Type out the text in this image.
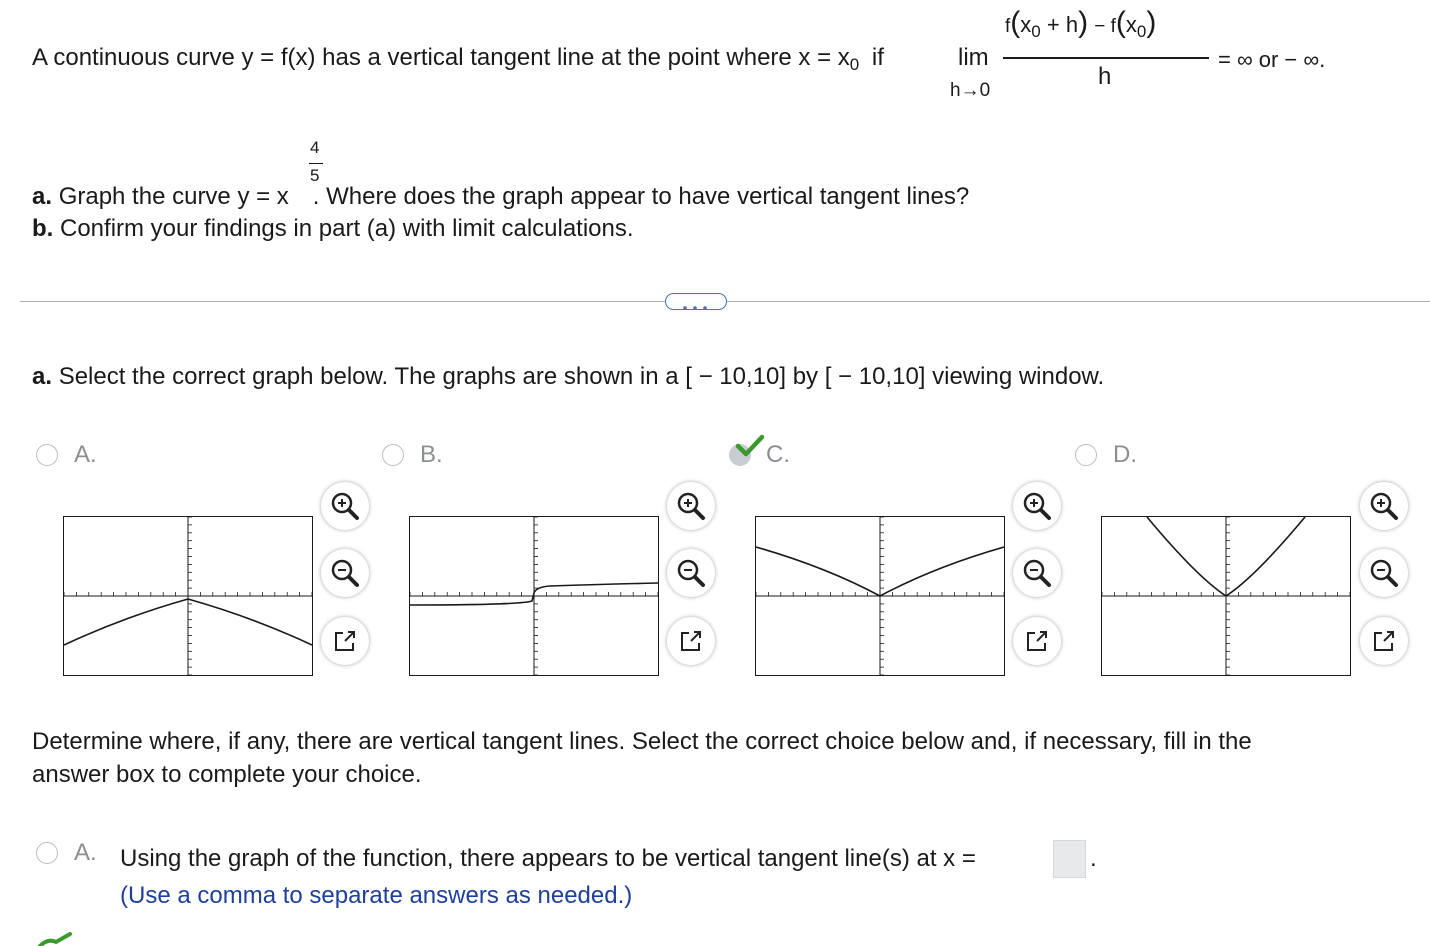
A continuous curve y = f(x) has a vertical tangent line at the point where $x = x_0$ if	lim
h→0
$f(x_0 + h) - f(x_0)$
h
= ∞ or − ∞.
4
5
a. Graph the curve y = x . Where does the graph appear to have vertical tangent lines?
b. Confirm your findings in part (a) with limit calculations.
a. Select the correct graph below. The graphs are shown in a [ − 10,10] by [ − 10,10] viewing window.
A.	B.	C.	D.
Determine where, if any, there are vertical tangent lines. Select the correct choice below and, if necessary, fill in the
answer box to complete your choice.
A. Using the graph of the function, there appears to be vertical tangent line(s) at x =	.
(Use a comma to separate answers as needed.)
